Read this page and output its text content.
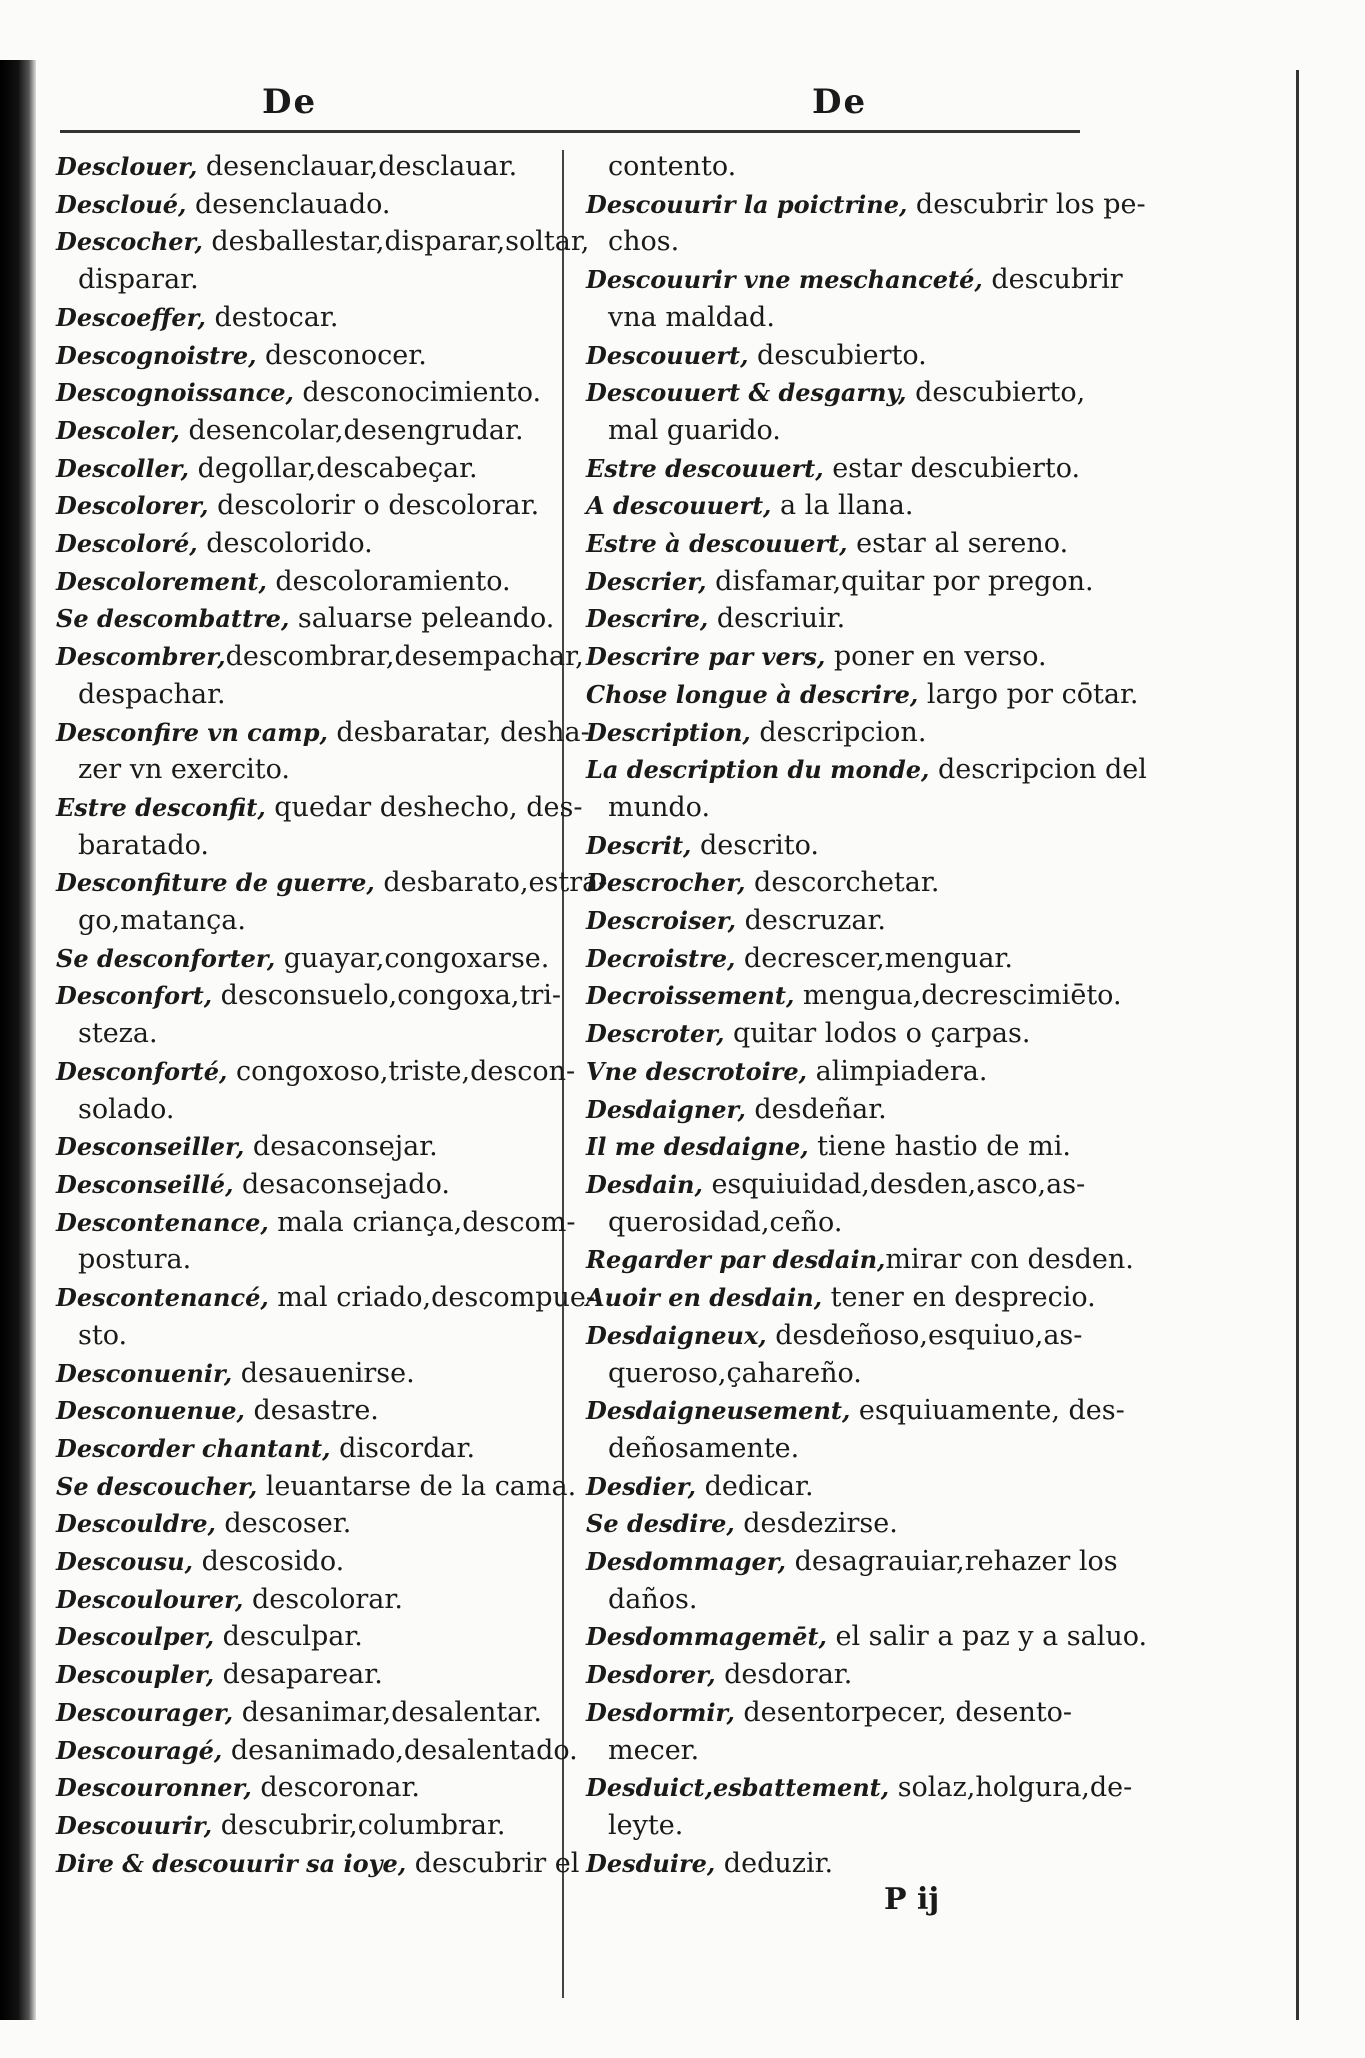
De	De
Desclouer, desenclauar,desclauar.
Descloué, desenclauado.
Descocher, desballestar,disparar,soltar,
disparar.
Descoeffer, destocar.
Descognoistre, desconocer.
Descognoissance, desconocimiento.
Descoler, desencolar,desengrudar.
Descoller, degollar,descabeçar.
Descolorer, descolorir o descolorar.
Descoloré, descolorido.
Descolorement, descoloramiento.
Se descombattre, saluarse peleando.
Descombrer,descombrar,desempachar,
despachar.
Desconfire vn camp, desbaratar, desha-
zer vn exercito.
Estre desconfit, quedar deshecho, des-
baratado.
Desconfiture de guerre, desbarato,estra-
go,matança.
Se desconforter, guayar,congoxarse.
Desconfort, desconsuelo,congoxa,tri-
steza.
Desconforté, congoxoso,triste,descon-
solado.
Desconseiller, desaconsejar.
Desconseillé, desaconsejado.
Descontenance, mala criança,descom-
postura.
Descontenancé, mal criado,descompue-
sto.
Desconuenir, desauenirse.
Desconuenue, desastre.
Descorder chantant, discordar.
Se descoucher, leuantarse de la cama.
Descouldre, descoser.
Descousu, descosido.
Descoulourer, descolorar.
Descoulper, desculpar.
Descoupler, desaparear.
Descourager, desanimar,desalentar.
Descouragé, desanimado,desalentado.
Descouronner, descoronar.
Descouurir, descubrir,columbrar.
Dire & descouurir sa ioye, descubrir el
contento.
Descouurir la poictrine, descubrir los pe-
chos.
Descouurir vne meschanceté, descubrir
vna maldad.
Descouuert, descubierto.
Descouuert & desgarny, descubierto,
mal guarido.
Estre descouuert, estar descubierto.
A descouuert, a la llana.
Estre à descouuert, estar al sereno.
Descrier, disfamar,quitar por pregon.
Descrire, descriuir.
Descrire par vers, poner en verso.
Chose longue à descrire, largo por cōtar.
Description, descripcion.
La description du monde, descripcion del
mundo.
Descrit, descrito.
Descrocher, descorchetar.
Descroiser, descruzar.
Decroistre, decrescer,menguar.
Decroissement, mengua,decrescimiēto.
Descroter, quitar lodos o çarpas.
Vne descrotoire, alimpiadera.
Desdaigner, desdeñar.
Il me desdaigne, tiene hastio de mi.
Desdain, esquiuidad,desden,asco,as-
querosidad,ceño.
Regarder par desdain,mirar con desden.
Auoir en desdain, tener en desprecio.
Desdaigneux, desdeñoso,esquiuo,as-
queroso,çahareño.
Desdaigneusement, esquiuamente, des-
deñosamente.
Desdier, dedicar.
Se desdire, desdezirse.
Desdommager, desagrauiar,rehazer los
daños.
Desdommagemēt, el salir a paz y a saluo.
Desdorer, desdorar.
Desdormir, desentorpecer, desento-
mecer.
Desduict,esbattement, solaz,holgura,de-
leyte.
Desduire, deduzir.
P ij
